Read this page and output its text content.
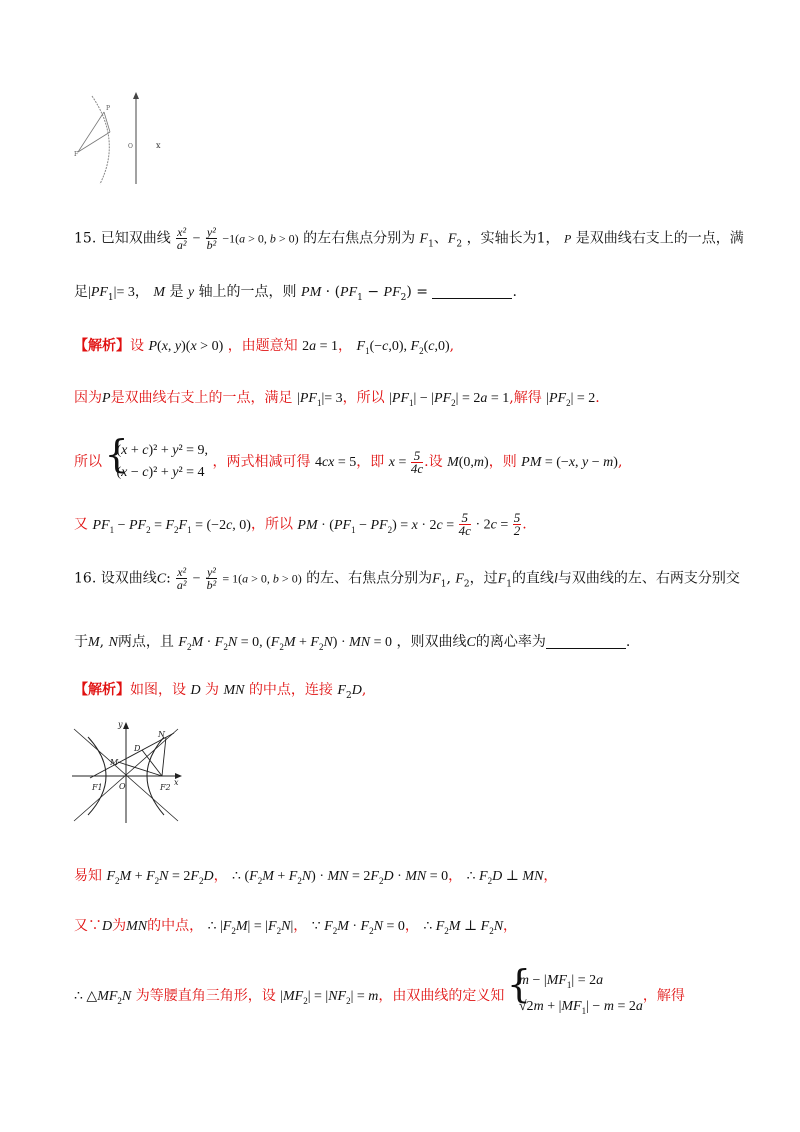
P
F
O	x
15. 已知双曲线 $\frac{\text{x²}}{\text{a²}} - \frac{\text{y²}}{\text{b²}} -1(a > 0$, b > 0) 的左右焦点分别为 $F_1$、$F_2$ ，实轴长为1， P 是双曲线右支上的一点，满
足$|PF_1|= 3$， M 是 y 轴上的一点，则 PM · $(PF_1 - PF_2)$ =	.
【解析】设 P(x, y)(x > 0) ，由题意知 2a = 1， $F_1(-c,0)$, $F_2(c,0)$,
因为P是双曲线右支上的一点，满足 $|PF_1|= 3$，所以 $|PF_1| - |PF_2| = 2a = 1$,解得 $|PF_2| = 2$.
所以
{ (x + c)² + y² = 9,
(x − c)² + y² = 4
，两式相减可得 4cx = 5，即 $x = \frac{5}{4c}$ .设 M(0,m)，则 PM = (−x, y − m),
又 $PF_1 - PF_2 = F_2F_1 = (-2c$, 0)，所以 PM · $(PF_1 - PF_2) = x \cdot 2c = \frac{5}{4c} \cdot 2c = \frac{5}{2}$ .
16. 设双曲线C: $\frac{\text{x²}}{\text{a²}} - \frac{\text{y²}}{\text{b²}} = 1(a > 0$, b > 0) 的左、右焦点分别为$F_1$, $F_2$，过$F_1$的直线l与双曲线的左、右两支分别交
于M, N两点，且 $F_2M \cdot F_2N = 0$, $(F_2M + F_2N)$ · MN = 0 ，则双曲线C的离心率为	.
【解析】如图，设 D 为 MN 的中点，连接 $F_2D$,
y
N
D
M
F1 O	F2
x
易知 $F_2M + F_2N = 2F_2D$， ∴ $(F_2M + F_2N)$ · MN = $2F_2D$ · MN = 0， ∴ $F_2D$ ⊥ MN，
又∵D为MN的中点， ∴ $|F_2M| = |F_2N|$， ∵ $F_2M \cdot F_2N = 0$， ∴ $F_2M$ ⊥ $F_2N$，
∴ $\triangle MF_2N$ 为等腰直角三角形，设 $|MF_2| = |NF_2| = m$，由双曲线的定义知
{ $m - |MF_1| = 2a$
$√2m + |MF_1| - m = 2a$
，解得
